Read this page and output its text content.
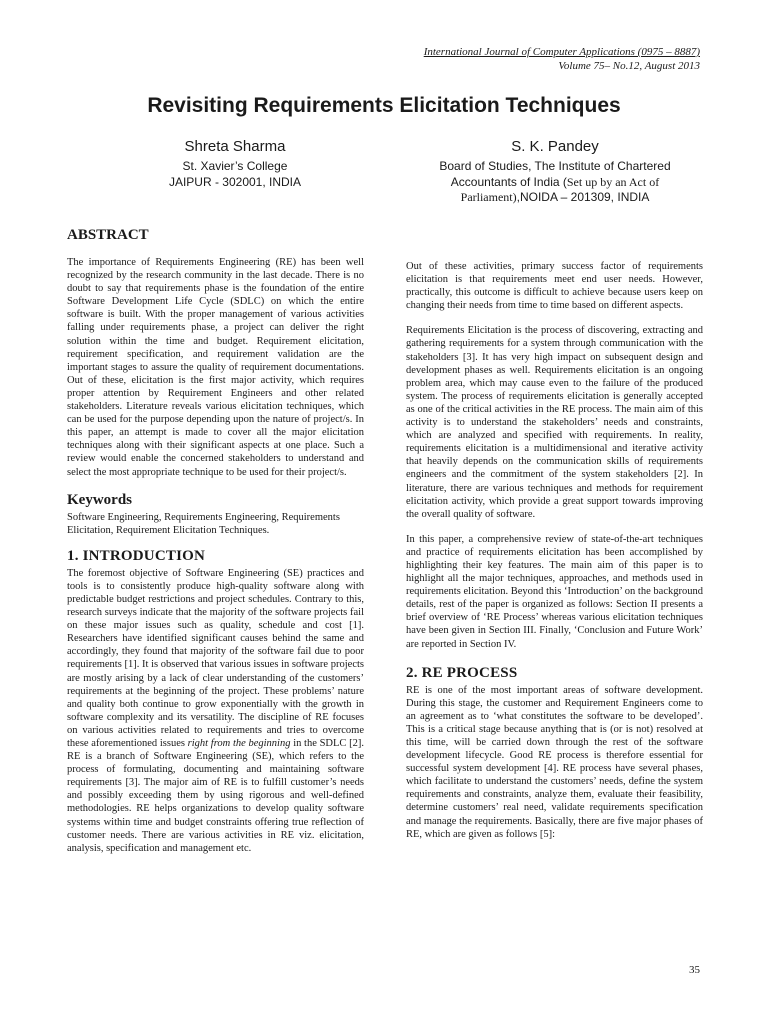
International Journal of Computer Applications (0975 – 8887)
Volume 75– No.12, August 2013
Revisiting Requirements Elicitation Techniques
Shreta Sharma
St. Xavier’s College
JAIPUR - 302001, INDIA
S. K. Pandey
Board of Studies, The Institute of Chartered
Accountants of India (Set up by an Act of
Parliament),NOIDA – 201309, INDIA
ABSTRACT

The importance of Requirements Engineering (RE) has been well recognized by the research community in the last decade. There is no doubt to say that requirements phase is the foundation of the entire Software Development Life Cycle (SDLC) on which the entire software is built. With the proper management of various activities falling under requirements phase, a project can deliver the right solution within the time and budget. Requirement elicitation, requirement specification, and requirement validation are the important stages to assure the quality of requirement documentations. Out of these, elicitation is the first major activity, which requires proper attention by Requirement Engineers and other related stakeholders. Literature reveals various elicitation techniques, which can be used for the purpose depending upon the nature of project/s. In this paper, an attempt is made to cover all the major elicitation techniques along with their significant aspects at one place. Such a review would enable the concerned stakeholders to understand and select the most appropriate technique to be used for their project/s.

Keywords

Software Engineering, Requirements Engineering, Requirements Elicitation, Requirement Elicitation Techniques.

1. INTRODUCTION

The foremost objective of Software Engineering (SE) practices and tools is to consistently produce high-quality software along with predictable budget restrictions and project schedules. Contrary to this, research surveys indicate that the majority of the software projects fail on these major issues such as quality, schedule and cost [1]. Researchers have identified significant causes behind the same and accordingly, they found that majority of the software fail due to poor requirements [1]. It is observed that various issues in software projects are mostly arising by a lack of clear understanding of the customers’ requirements at the beginning of the project. These problems’ nature and quality both continue to grow exponentially with the growth in software complexity and its versatility. The discipline of RE focuses on various activities related to requirements and tries to overcome these aforementioned issues right from the beginning in the SDLC [2]. RE is a branch of Software Engineering (SE), which refers to the process of formulating, documenting and maintaining software requirements [3]. The major aim of RE is to fulfill customer’s needs and possibly exceeding them by using rigorous and well-defined methodologies. RE helps organizations to develop quality software systems within time and budget constraints offering true reflection of customer needs. There are various activities in RE viz. elicitation, analysis, specification and management etc.

Out of these activities, primary success factor of requirements elicitation is that requirements meet end user needs. However, practically, this outcome is difficult to achieve because users keep on changing their needs from time to time based on different aspects.

Requirements Elicitation is the process of discovering, extracting and gathering requirements for a system through communication with the stakeholders [3]. It has very high impact on subsequent design and development phases as well. Requirements elicitation is an ongoing problem area, which may cause even to the failure of the produced system. The process of requirements elicitation is generally accepted as one of the critical activities in the RE process. The main aim of this activity is to understand the stakeholders’ needs and constraints, which are analyzed and specified with requirements. In reality, requirements elicitation is a multidimensional and iterative activity that heavily depends on the communication skills of requirements engineers and the commitment of the system stakeholders [2]. In literature, there are various techniques and methods for requirement elicitation activity, which provide a great support towards improving the overall quality of software.

In this paper, a comprehensive review of state-of-the-art techniques and practice of requirements elicitation has been accomplished by highlighting their key features. The main aim of this paper is to highlight all the major techniques, approaches, and methods used in requirements elicitation. Beyond this ‘Introduction’ on the background details, rest of the paper is organized as follows: Section II presents a brief overview of ‘RE Process’ whereas various elicitation techniques have been given in Section III. Finally, ‘Conclusion and Future Work’ are reported in Section IV.

2. RE PROCESS

RE is one of the most important areas of software development. During this stage, the customer and Requirement Engineers come to an agreement as to ‘what constitutes the software to be developed’. This is a critical stage because anything that is (or is not) resolved at this time, will be carried down through the rest of the software development lifecycle. Good RE process is therefore essential for successful system development [4]. RE process have several phases, which facilitate to understand the customers’ needs, define the system requirements and constraints, analyze them, evaluate their feasibility, determine customers’ real need, validate requirements specification and manage the requirements. Basically, there are five major phases of RE, which are given as follows [5]:

35
